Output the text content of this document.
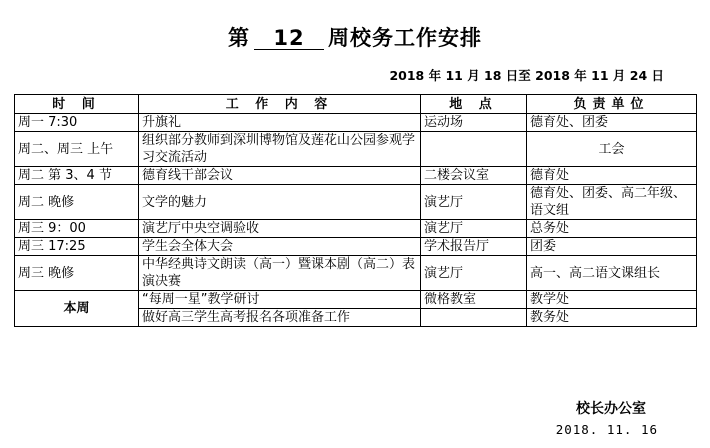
第 12 周校务工作安排
2018 年 11 月 18 日至 2018 年 11 月 24 日
时 间	工 作 内 容	地 点	负责单位
周一 7:30	升旗礼	运动场	德育处、团委
周二、周三 上午	组织部分教师到深圳博物馆及莲花山公园参观学习交流活动		工会
周二 第 3、4 节	德育线干部会议	二楼会议室	德育处
周二 晚修	文学的魅力	演艺厅	德育处、团委、高二年级、语文组
周三 9：00	演艺厅中央空调验收	演艺厅	总务处
周三 17:25	学生会全体大会	学术报告厅	团委
周三 晚修	中华经典诗文朗读（高一）暨课本剧（高二）表演决赛	演艺厅	高一、高二语文课组长
本周	“每周一星”教学研讨	微格教室	教学处
	做好高三学生高考报名各项准备工作		教务处
校长办公室
2018. 11. 16
